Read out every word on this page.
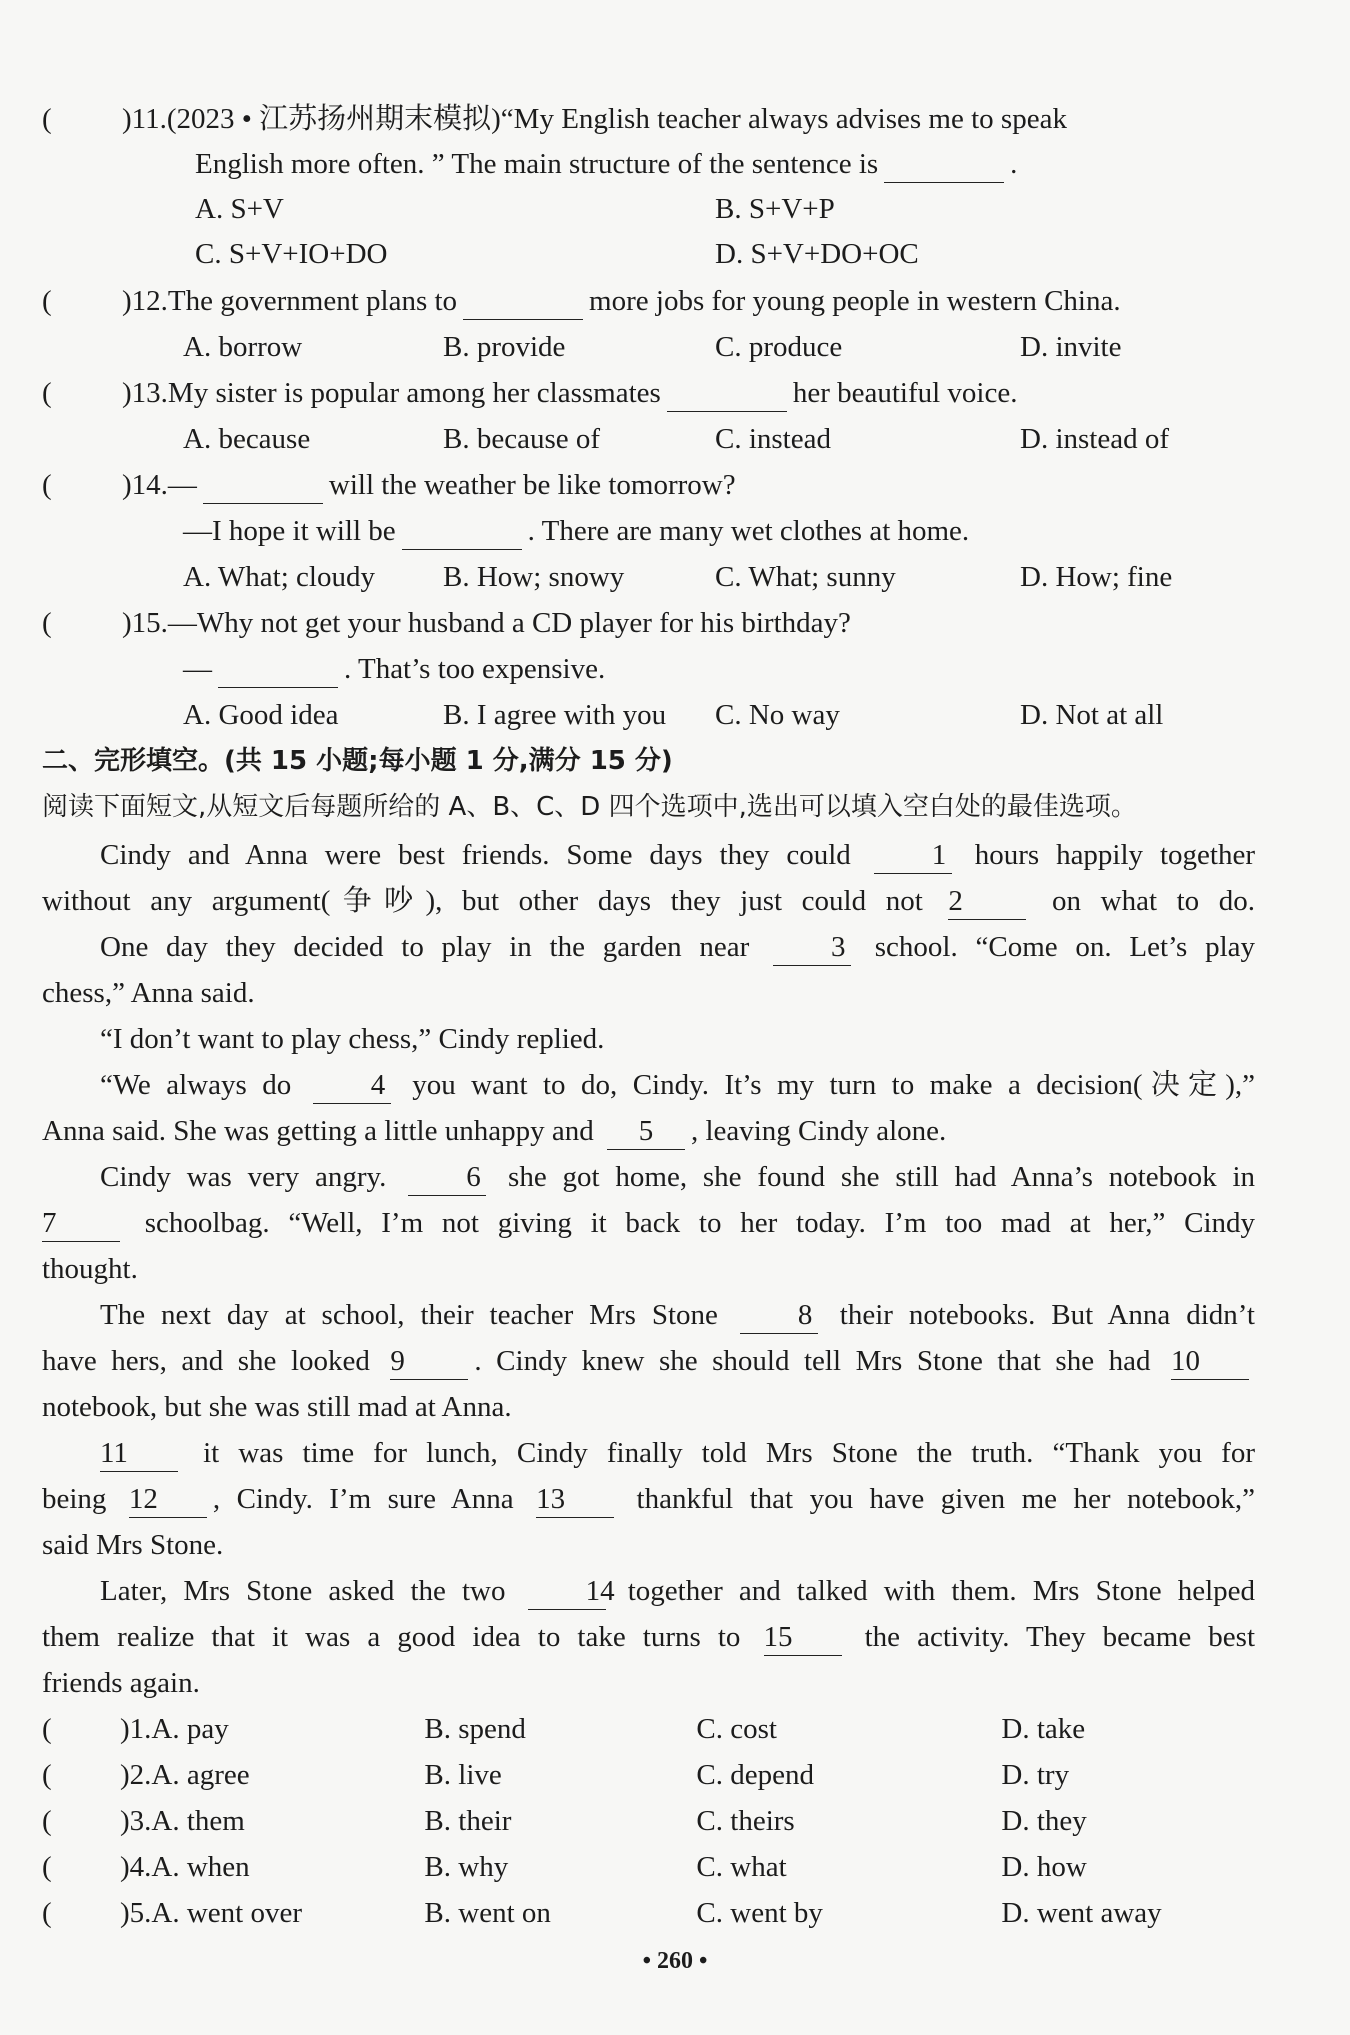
( )11.(2023 • 江苏扬州期末模拟)“My English teacher always advises me to speak
English more often. ” The main structure of the sentence is	.
A. S+V	B. S+V+P
C. S+V+IO+DO	D. S+V+DO+OC
( )12.The government plans to	more jobs for young people in western China.
A. borrow	B. provide	C. produce	D. invite
( )13.My sister is popular among her classmates	her beautiful voice.
A. because	B. because of	C. instead	D. instead of
( )14.—	will the weather be like tomorrow?
—I hope it will be	. There are many wet clothes at home.
A. What; cloudy	B. How; snowy	C. What; sunny	D. How; fine
( )15.—Why not get your husband a CD player for his birthday?
—	. That’s too expensive.
A. Good idea	B. I agree with you	C. No way	D. Not at all
二、完形填空。(共 15 小题;每小题 1 分,满分 15 分)
阅读下面短文,从短文后每题所给的 A、B、C、D 四个选项中,选出可以填入空白处的最佳选项。
Cindy and Anna were best friends. Some days they could	1 hours happily together
without any argument(争吵), but other days they just could not 2	on what to do.
One day they decided to play in the garden near	3 school. “Come on. Let’s play
chess,” Anna said.
“I don’t want to play chess,” Cindy replied.
“We always do	4 you want to do, Cindy. It’s my turn to make a decision(决定),”
Anna said. She was getting a little unhappy and 5 , leaving Cindy alone.
Cindy was very angry.	6 she got home, she found she still had Anna’s notebook in
7	schoolbag. “Well, I’m not giving it back to her today. I’m too mad at her,” Cindy
thought.
The next day at school, their teacher Mrs Stone	8 their notebooks. But Anna didn’t
have hers, and she looked 9 . Cindy knew she should tell Mrs Stone that she had 10
notebook, but she was still mad at Anna.
11	it was time for lunch, Cindy finally told Mrs Stone the truth. “Thank you for
being 12 , Cindy. I’m sure Anna 13 thankful that you have given me her notebook,”
said Mrs Stone.
Later, Mrs Stone asked the two	14 together and talked with them. Mrs Stone helped
them realize that it was a good idea to take turns to 15 the activity. They became best
friends again.
(	)1. A. pay	B. spend	C. cost	D. take
(	)2. A. agree	B. live	C. depend	D. try
(	)3. A. them	B. their	C. theirs	D. they
(	)4. A. when	B. why	C. what	D. how
(	)5. A. went over	B. went on	C. went by	D. went away
• 260 •
